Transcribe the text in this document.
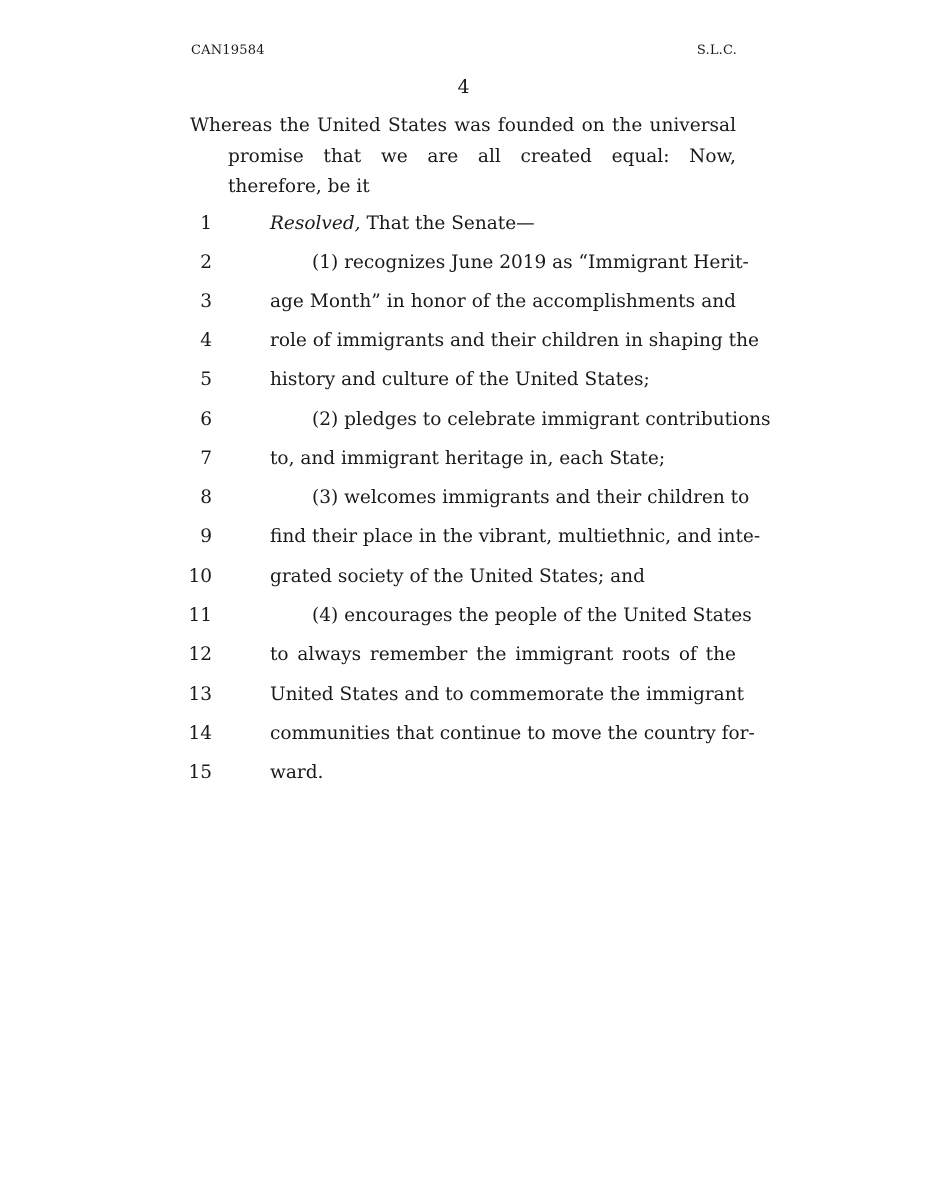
CAN19584	S.L.C.
4
Whereas the United States was founded on the universal promise that we are all created equal: Now, therefore, be it
1	Resolved, That the Senate—
2	(1) recognizes June 2019 as “Immigrant Herit-
3	age Month” in honor of the accomplishments and
4	role of immigrants and their children in shaping the
5	history and culture of the United States;
6	(2) pledges to celebrate immigrant contributions
7	to, and immigrant heritage in, each State;
8	(3) welcomes immigrants and their children to
9	find their place in the vibrant, multiethnic, and inte-
10	grated society of the United States; and
11	(4) encourages the people of the United States
12	to always remember the immigrant roots of the
13	United States and to commemorate the immigrant
14	communities that continue to move the country for-
15	ward.
